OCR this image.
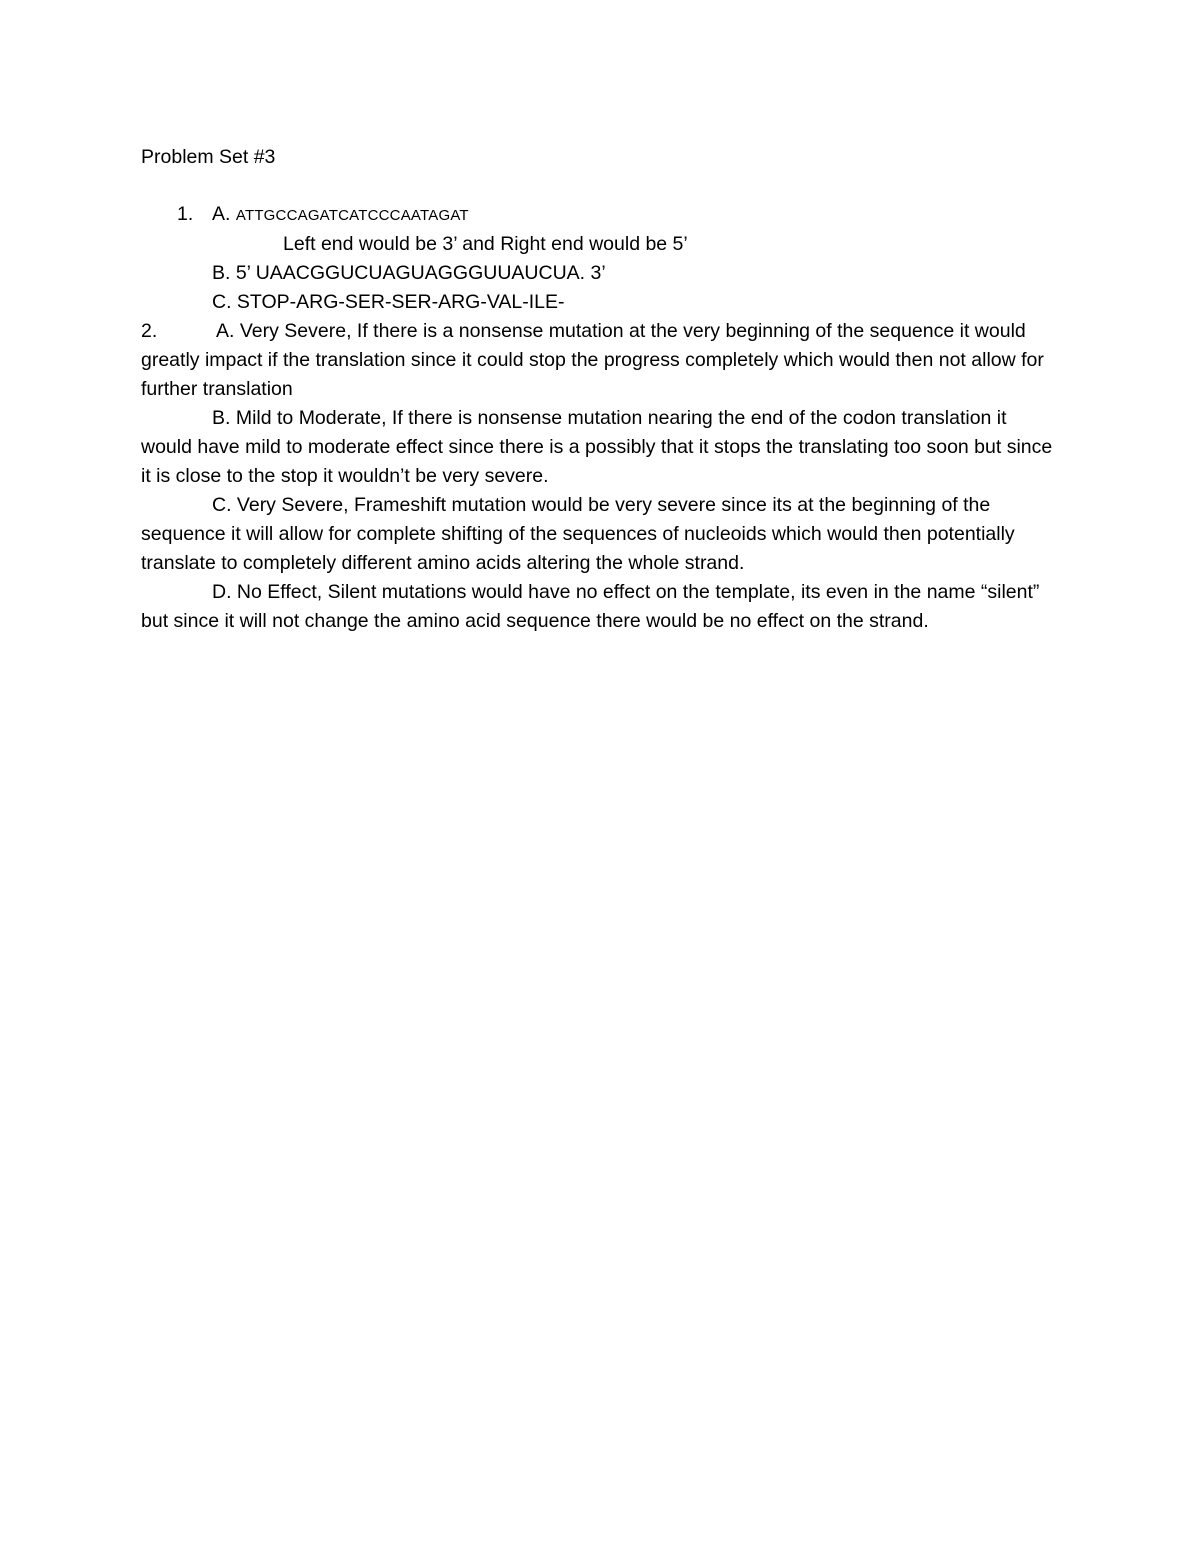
Problem Set #3
1. A. ATTGCCAGATCATCCCAATAGAT
Left end would be 3’ and Right end would be 5’
B. 5’ UAACGGUCUAGUAGGGUUAUCUA. 3’
C. STOP-ARG-SER-SER-ARG-VAL-ILE-

2.	A. Very Severe, If there is a nonsense mutation at the very beginning of the sequence it would greatly impact if the translation since it could stop the progress completely which would then not allow for further translation

B. Mild to Moderate, If there is nonsense mutation nearing the end of the codon translation it would have mild to moderate effect since there is a possibly that it stops the translating too soon but since it is close to the stop it wouldn’t be very severe.

C. Very Severe, Frameshift mutation would be very severe since its at the beginning of the sequence it will allow for complete shifting of the sequences of nucleoids which would then potentially translate to completely different amino acids altering the whole strand.

D. No Effect, Silent mutations would have no effect on the template, its even in the name “silent” but since it will not change the amino acid sequence there would be no effect on the strand.
